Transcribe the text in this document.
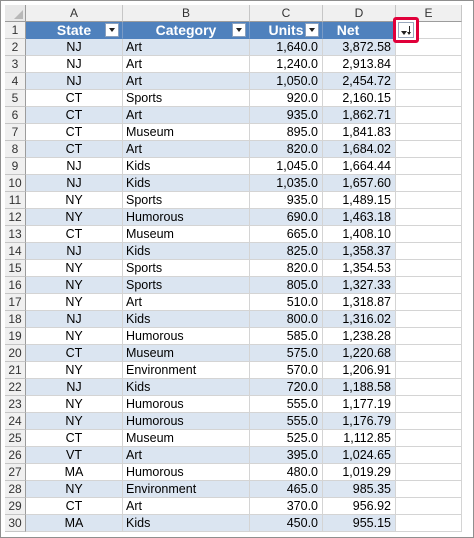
A	B	C	D	E
1	State	Category	Units	Net
2	NJ	Art	1,640.0	3,872.58
3	NJ	Art	1,240.0	2,913.84
4	NJ	Art	1,050.0	2,454.72
5	CT	Sports	920.0	2,160.15
6	CT	Art	935.0	1,862.71
7	CT	Museum	895.0	1,841.83
8	CT	Art	820.0	1,684.02
9	NJ	Kids	1,045.0	1,664.44
10	NJ	Kids	1,035.0	1,657.60
11	NY	Sports	935.0	1,489.15
12	NY	Humorous	690.0	1,463.18
13	CT	Museum	665.0	1,408.10
14	NJ	Kids	825.0	1,358.37
15	NY	Sports	820.0	1,354.53
16	NY	Sports	805.0	1,327.33
17	NY	Art	510.0	1,318.87
18	NJ	Kids	800.0	1,316.02
19	NY	Humorous	585.0	1,238.28
20	CT	Museum	575.0	1,220.68
21	NY	Environment	570.0	1,206.91
22	NJ	Kids	720.0	1,188.58
23	NY	Humorous	555.0	1,177.19
24	NY	Humorous	555.0	1,176.79
25	CT	Museum	525.0	1,112.85
26	VT	Art	395.0	1,024.65
27	MA	Humorous	480.0	1,019.29
28	NY	Environment	465.0	985.35
29	CT	Art	370.0	956.92
30	MA	Kids	450.0	955.15
